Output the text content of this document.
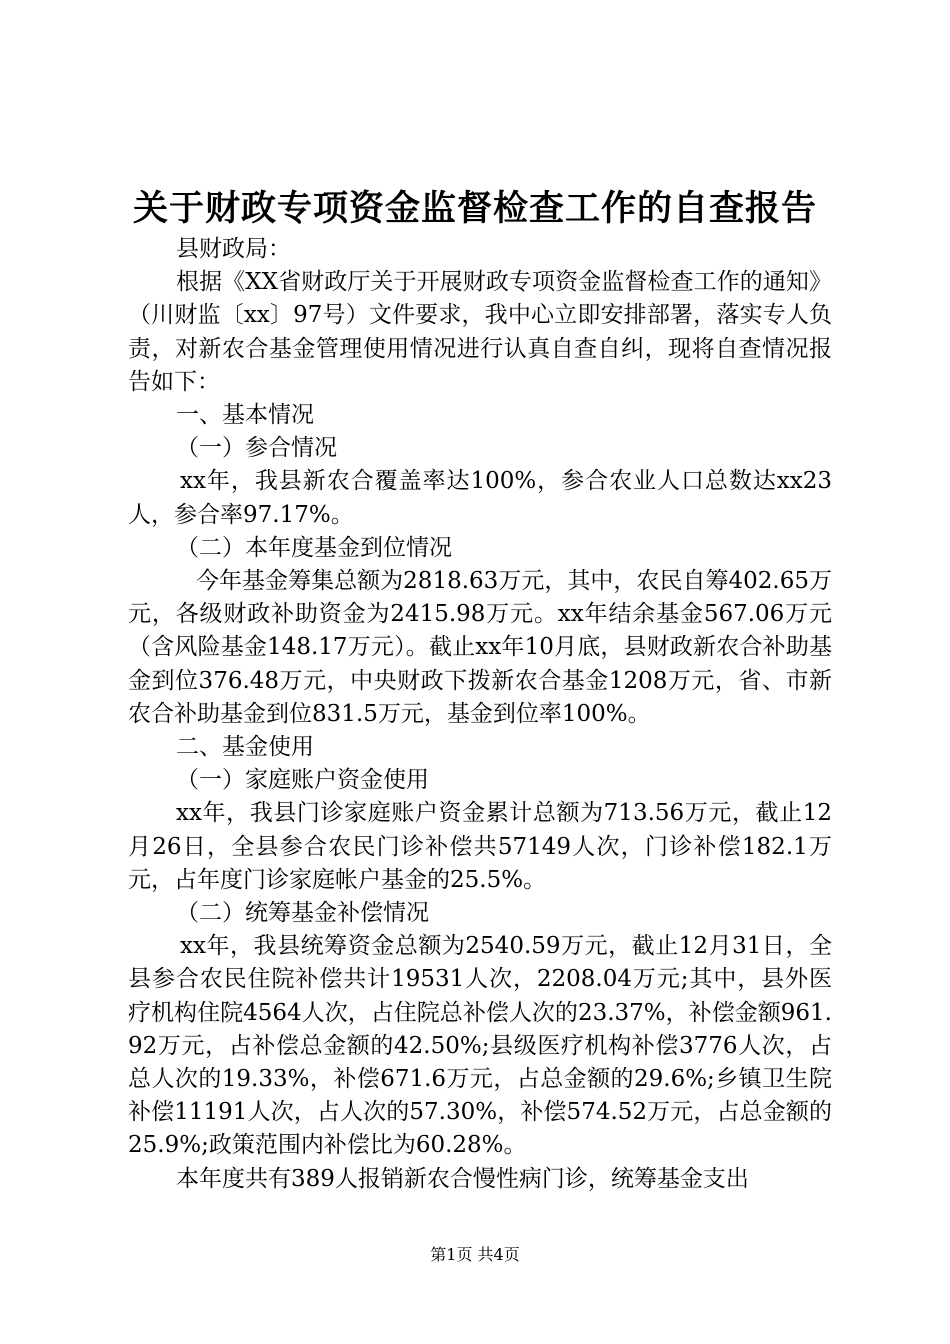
关于财政专项资金监督检查工作的自查报告

县财政局：

根据《XX省财政厅关于开展财政专项资金监督检查工作的通知》（川财监〔xx〕97号）文件要求，我中心立即安排部署，落实专人负责，对新农合基金管理使用情况进行认真自查自纠，现将自查情况报告如下：

一、基本情况

（一）参合情况

xx年，我县新农合覆盖率达100%，参合农业人口总数达xx23人，参合率97.17%。

（二）本年度基金到位情况

今年基金筹集总额为2818.63万元，其中，农民自筹402.65万元，各级财政补助资金为2415.98万元。xx年结余基金567.06万元（含风险基金148.17万元）。截止xx年10月底，县财政新农合补助基金到位376.48万元，中央财政下拨新农合基金1208万元，省、市新农合补助基金到位831.5万元，基金到位率100%。

二、基金使用

（一）家庭账户资金使用

xx年，我县门诊家庭账户资金累计总额为713.56万元，截止12月26日，全县参合农民门诊补偿共57149人次，门诊补偿182.1万元，占年度门诊家庭帐户基金的25.5%。

（二）统筹基金补偿情况

xx年，我县统筹资金总额为2540.59万元，截止12月31日，全县参合农民住院补偿共计19531人次，2208.04万元;其中，县外医疗机构住院4564人次，占住院总补偿人次的23.37%，补偿金额961.92万元，占补偿总金额的42.50%;县级医疗机构补偿3776人次，占总人次的19.33%，补偿671.6万元，占总金额的29.6%;乡镇卫生院补偿11191人次，占人次的57.30%，补偿574.52万元，占总金额的25.9%;政策范围内补偿比为60.28%。

本年度共有389人报销新农合慢性病门诊，统筹基金支出

第1页 共4页
